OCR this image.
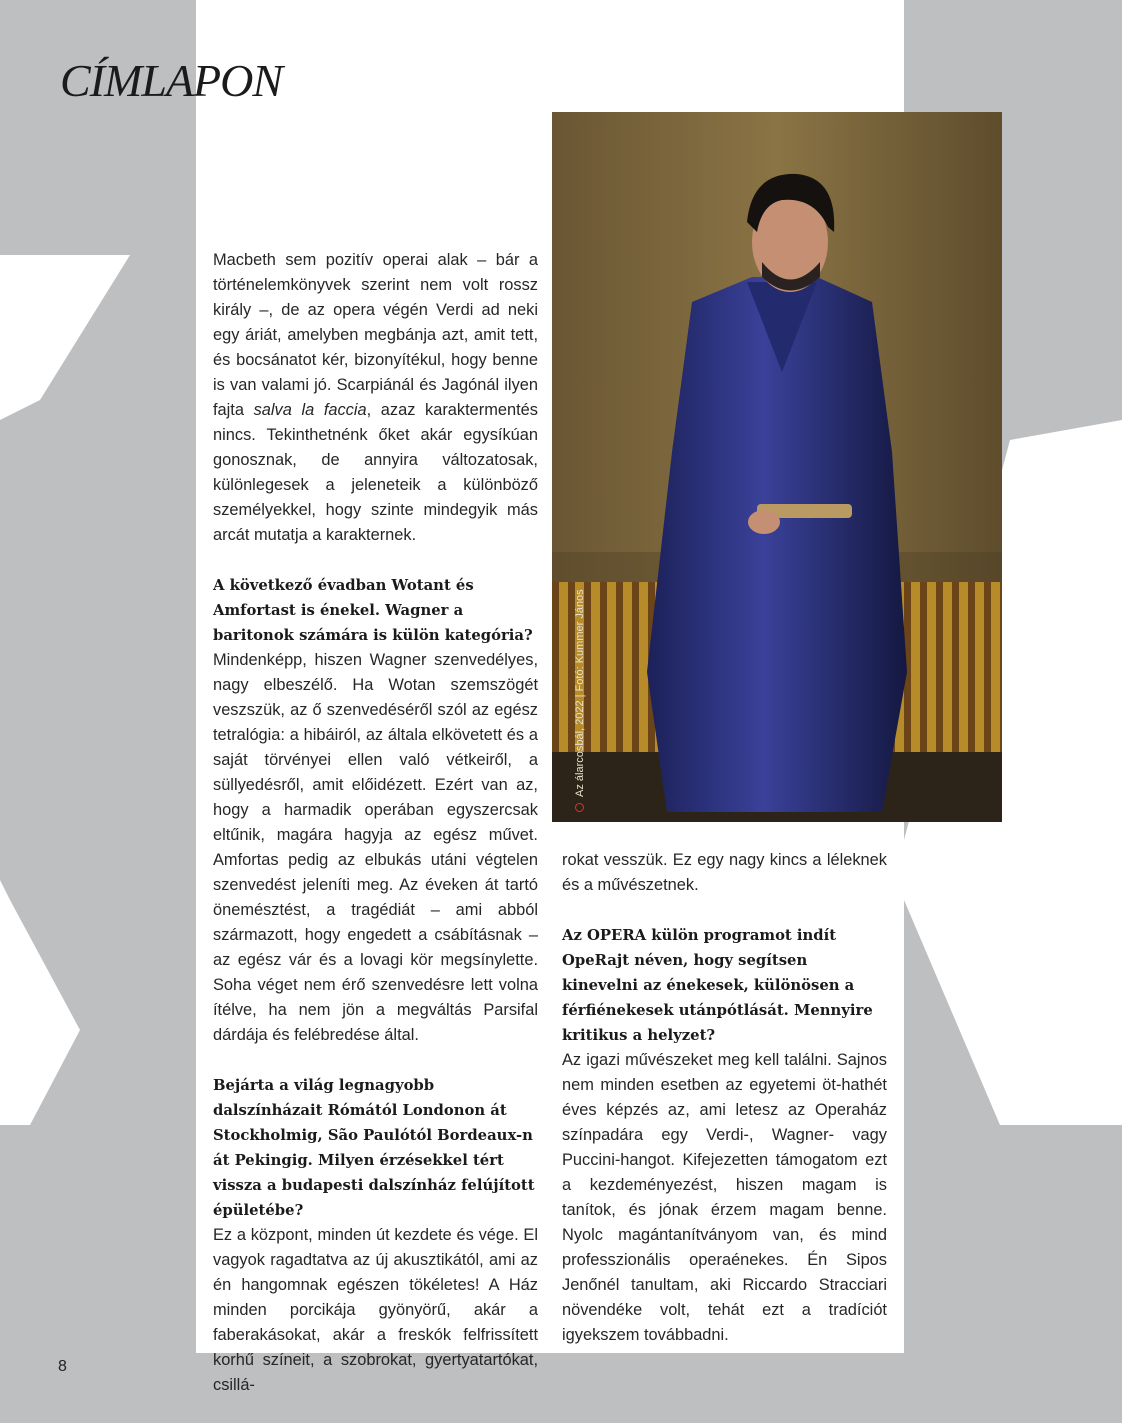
CÍMLAPON
Az álarcosbál, 2022 | Fotó: Kummer János

Macbeth sem pozitív operai alak – bár a történelemkönyvek szerint nem volt rossz király –, de az opera végén Verdi ad neki egy áriát, amelyben megbánja azt, amit tett, és bocsánatot kér, bizonyítékul, hogy benne is van valami jó. Scarpiánál és Jagónál ilyen fajta salva la faccia, azaz karaktermentés nincs. Tekinthetnénk őket akár egysíkúan gonosznak, de annyira változatosak, különlegesek a jeleneteik a különböző személyekkel, hogy szinte mindegyik más arcát mutatja a karakternek.

A következő évadban Wotant és Amfortast is énekel. Wagner a baritonok számára is külön kategória?
Mindenképp, hiszen Wagner szenvedélyes, nagy elbeszélő. Ha Wotan szemszögét veszszük, az ő szenvedéséről szól az egész tetralógia: a hibáiról, az általa elkövetett és a saját törvényei ellen való vétkeiről, a süllyedésről, amit előidézett. Ezért van az, hogy a harmadik operában egyszercsak eltűnik, magára hagyja az egész művet. Amfortas pedig az elbukás utáni végtelen szenvedést jeleníti meg. Az éveken át tartó önemésztést, a tragédiát – ami abból származott, hogy engedett a csábításnak – az egész vár és a lovagi kör megsínylette. Soha véget nem érő szenvedésre lett volna ítélve, ha nem jön a megváltás Parsifal dárdája és felébredése által.

Bejárta a világ legnagyobb dalszínházait Rómától Londonon át Stockholmig, São Paulótól Bordeaux-n át Pekingig. Milyen érzésekkel tért vissza a budapesti dalszínház felújított épületébe?
Ez a központ, minden út kezdete és vége. El vagyok ragadtatva az új akusztikától, ami az én hangomnak egészen tökéletes! A Ház minden porcikája gyönyörű, akár a faberakásokat, akár a freskók felfrissített korhű színeit, a szobrokat, gyertyatartókat, csillá-

rokat vesszük. Ez egy nagy kincs a léleknek és a művészetnek.

Az OPERA külön programot indít OpeRajt néven, hogy segítsen kinevelni az énekesek, különösen a férfiénekesek utánpótlását. Mennyire kritikus a helyzet?
Az igazi művészeket meg kell találni. Sajnos nem minden esetben az egyetemi öt-hathét éves képzés az, ami letesz az Operaház színpadára egy Verdi-, Wagner- vagy Puccini-hangot. Kifejezetten támogatom ezt a kezdeményezést, hiszen magam is tanítok, és jónak érzem magam benne. Nyolc magántanítványom van, és mind professzionális operaénekes. Én Sipos Jenőnél tanultam, aki Riccardo Stracciari növendéke volt, tehát ezt a tradíciót igyekszem továbbadni.

8
